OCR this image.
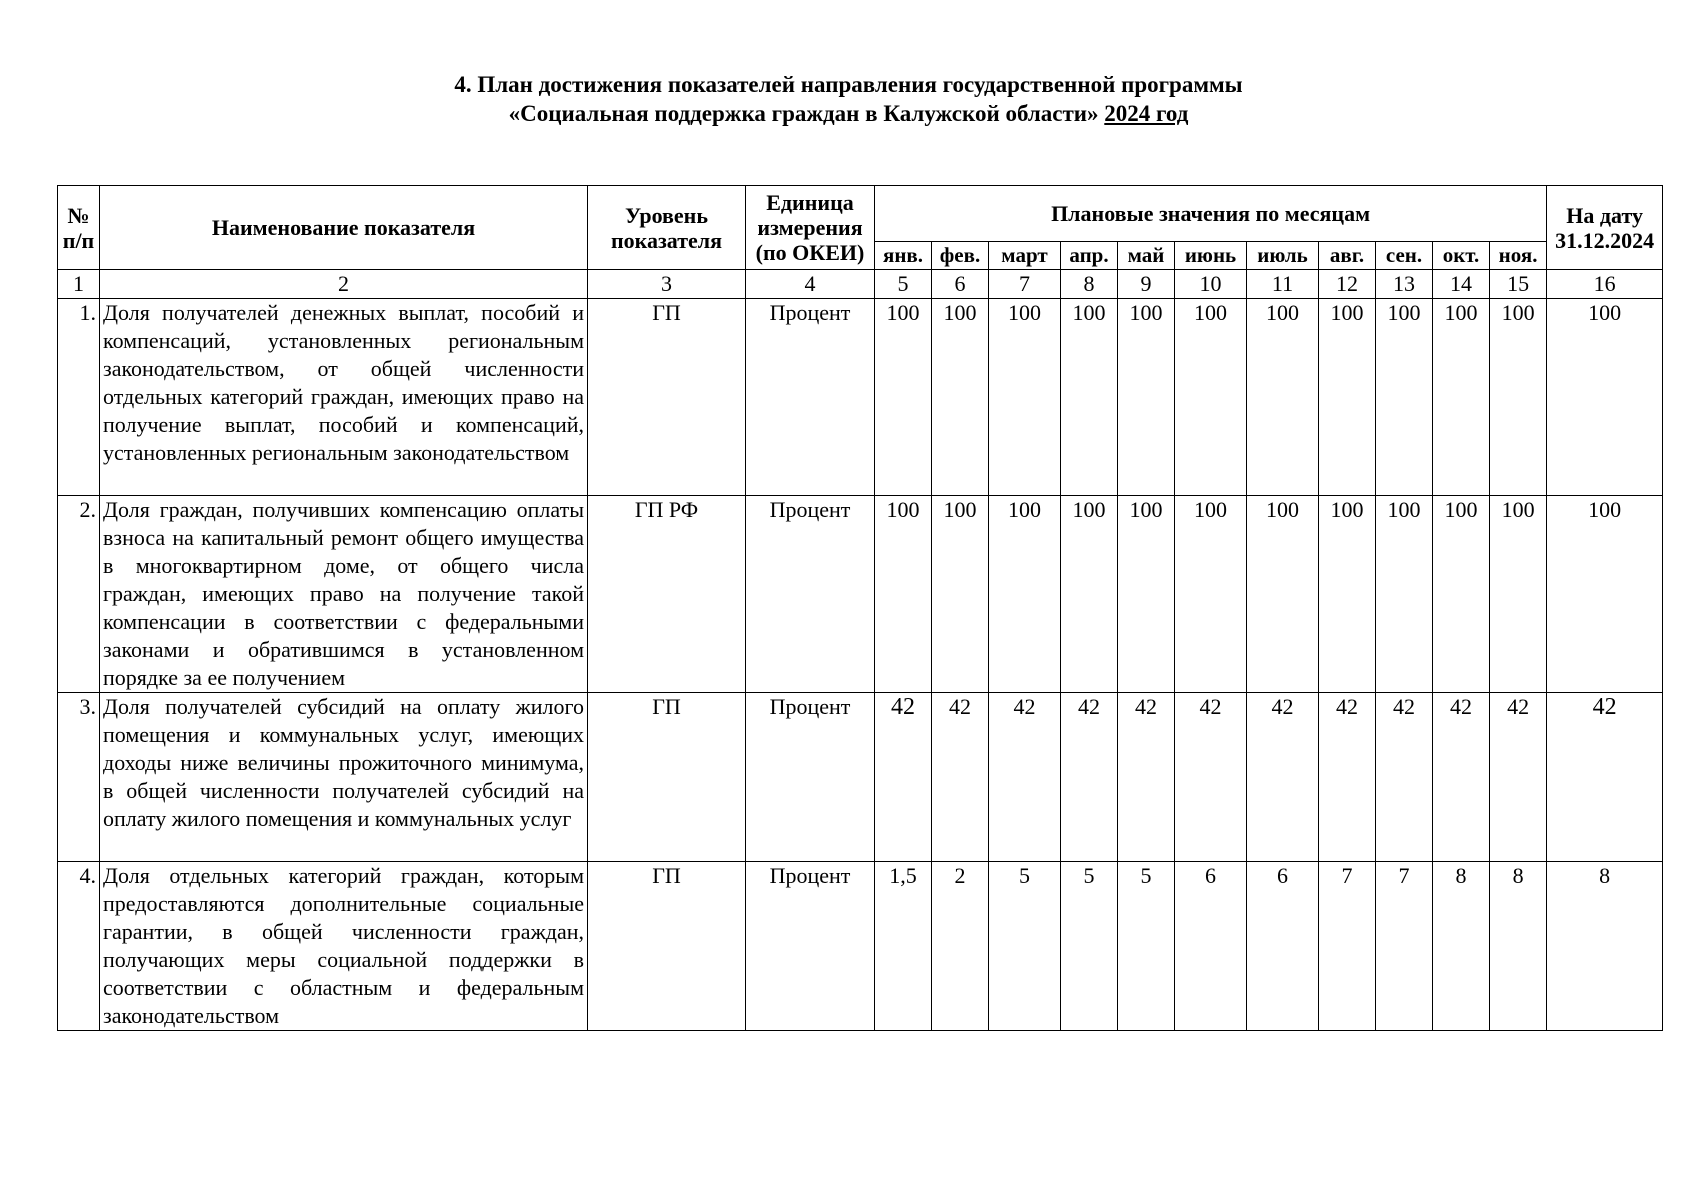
4. План достижения показателей направления государственной программы
«Социальная поддержка граждан в Калужской области» 2024 год
№ п/п	Наименование показателя	Уровень показателя	Единица измерения (по ОКЕИ)	Плановые значения по месяцам											На дату 31.12.2024
				янв.	фев.	март	апр.	май	июнь	июль	авг.	сен.	окт.	ноя.	
1	2	3	4	5	6	7	8	9	10	11	12	13	14	15	16
1.	Доля получателей денежных выплат, пособий и компенсаций, установленных региональным законодательством, от общей численности отдельных категорий граждан, имеющих право на получение выплат, пособий и компенсаций, установленных региональным законодательством	ГП	Процент	100	100	100	100	100	100	100	100	100	100	100	100
2.	Доля граждан, получивших компенсацию оплаты взноса на капитальный ремонт общего имущества в многоквартирном доме, от общего числа граждан, имеющих право на получение такой компенсации в соответствии с федеральными законами и обратившимся в установленном порядке за ее получением	ГП РФ	Процент	100	100	100	100	100	100	100	100	100	100	100	100
3.	Доля получателей субсидий на оплату жилого помещения и коммунальных услуг, имеющих доходы ниже величины прожиточного минимума, в общей численности получателей субсидий на оплату жилого помещения и коммунальных услуг	ГП	Процент	42	42	42	42	42	42	42	42	42	42	42	42
4.	Доля отдельных категорий граждан, которым предоставляются дополнительные социальные гарантии, в общей численности граждан, получающих меры социальной поддержки в соответствии с областным и федеральным законодательством	ГП	Процент	1,5	2	5	5	5	6	6	7	7	8	8	8
